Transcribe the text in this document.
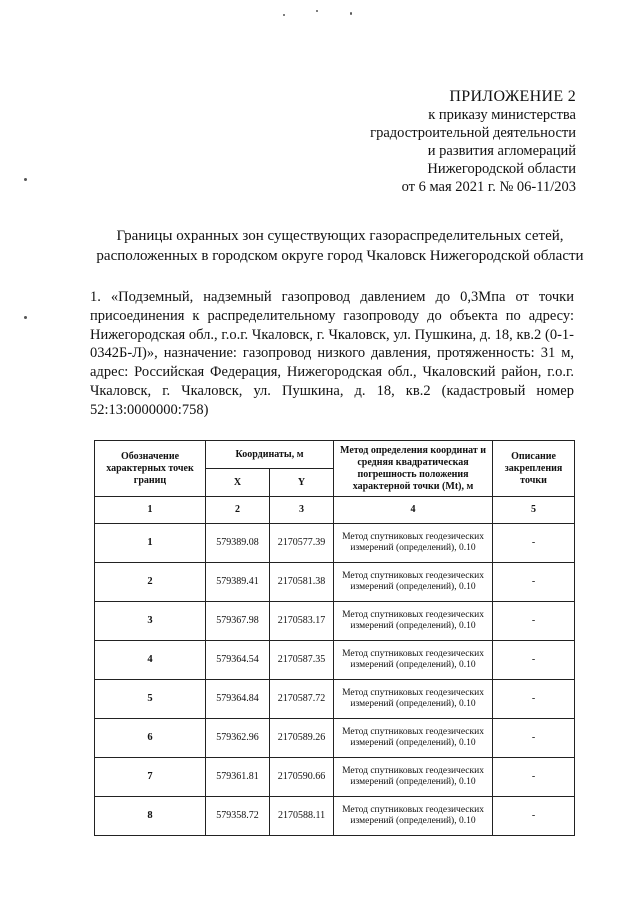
ПРИЛОЖЕНИЕ 2
к приказу министерства
градостроительной деятельности
и развития агломераций
Нижегородской области
от 6 мая 2021 г. № 06-11/203
Границы охранных зон существующих газораспределительных сетей,
расположенных в городском округе город Чкаловск Нижегородской области
1. «Подземный, надземный газопровод давлением до 0,3Мпа от точки присоединения к распределительному газопроводу до объекта по адресу: Нижегородская обл., г.о.г. Чкаловск, г. Чкаловск, ул. Пушкина, д. 18, кв.2 (0-1-0342Б-Л)», назначение: газопровод низкого давления, протяженность: 31 м, адрес: Российская Федерация, Нижегородская обл., Чкаловский район, г.о.г. Чкаловск, г. Чкаловск, ул. Пушкина, д. 18, кв.2 (кадастровый номер 52:13:0000000:758)
Обозначение характерных точек границ	Координаты, м		Метод определения координат и средняя квадратическая погрешность положения характерной точки (Mt), м	Описание закрепления точки
	X	Y		
1	2	3	4	5
1	579389.08	2170577.39	Метод спутниковых геодезических измерений (определений), 0.10	-
2	579389.41	2170581.38	Метод спутниковых геодезических измерений (определений), 0.10	-
3	579367.98	2170583.17	Метод спутниковых геодезических измерений (определений), 0.10	-
4	579364.54	2170587.35	Метод спутниковых геодезических измерений (определений), 0.10	-
5	579364.84	2170587.72	Метод спутниковых геодезических измерений (определений), 0.10	-
6	579362.96	2170589.26	Метод спутниковых геодезических измерений (определений), 0.10	-
7	579361.81	2170590.66	Метод спутниковых геодезических измерений (определений), 0.10	-
8	579358.72	2170588.11	Метод спутниковых геодезических измерений (определений), 0.10	-
